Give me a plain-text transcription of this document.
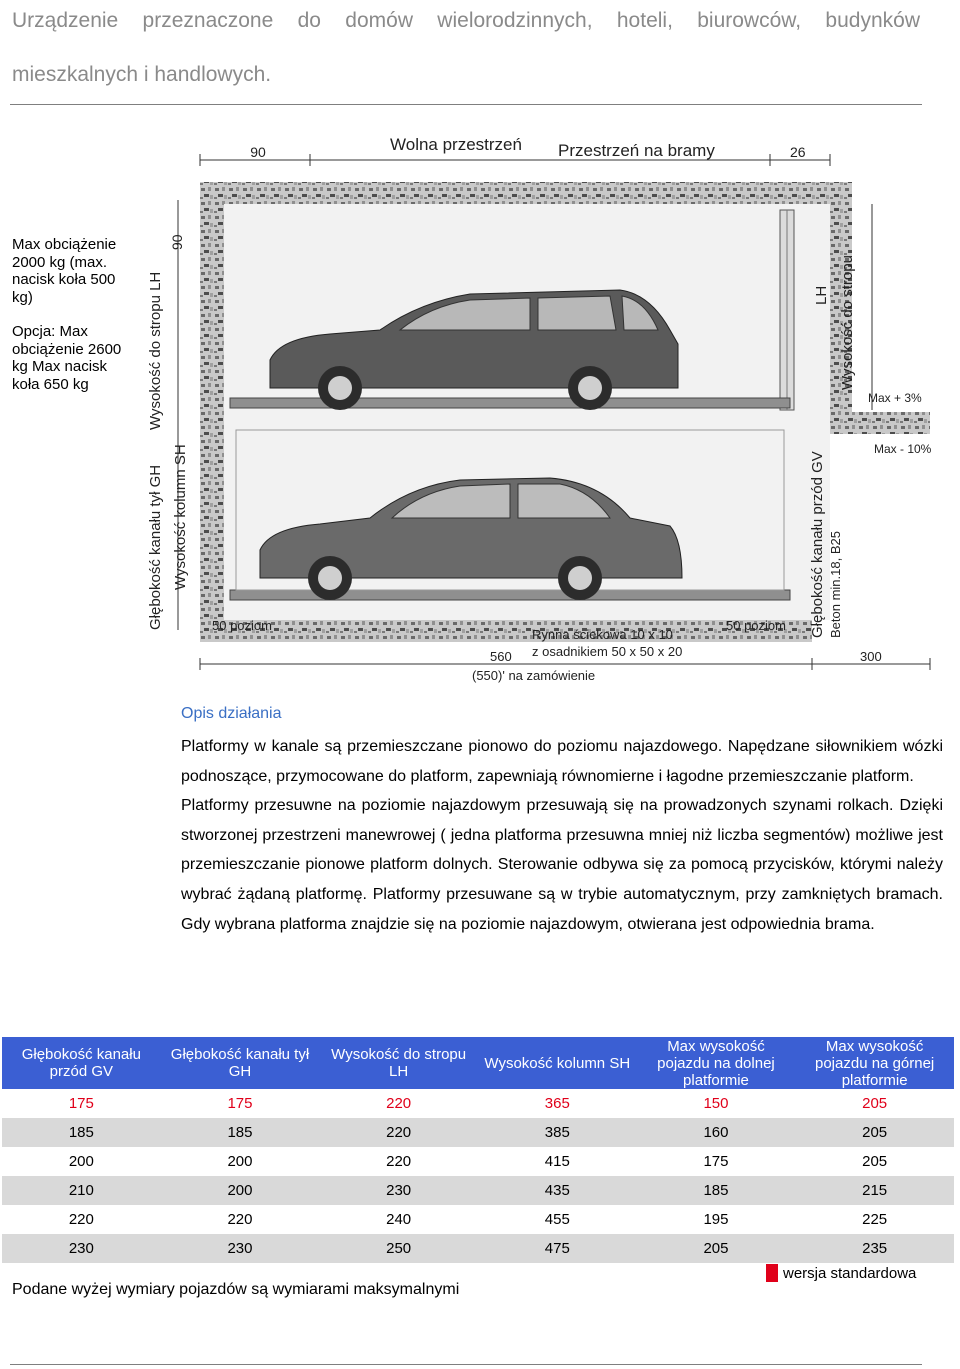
Urządzenie przeznaczone do domów wielorodzinnych, hoteli, biurowców, budynków mieszkalnych i handlowych.

Max obciążenie 2000 kg (max. nacisk koła 500 kg)

Opcja: Max obciążenie 2600 kg Max nacisk koła 650 kg

90	Wolna przestrzeń Przestrzeń na bramy	26
90
Wysokość do stropu LH
Wysokość kolumn SH
Głębokość kanału tył GH
LH Wysokość do stropu
Max + 3%
Max - 10%
Głębokość kanału przód GV Beton min.18, B25
50 poziom	50 poziom
Rynna ściekowa 10 x 10
z osadnikiem 50 x 50 x 20
560
(550)' na zamówienie
300
Opis działania

Platformy w kanale są przemieszczane pionowo do poziomu najazdowego. Napędzane siłownikiem wózki podnoszące, przymocowane do platform, zapewniają równomierne i łagodne przemieszczanie platform.

Platformy przesuwne na poziomie najazdowym przesuwają się na prowadzonych szynami rolkach. Dzięki stworzonej przestrzeni manewrowej ( jedna platforma przesuwna mniej niż liczba segmentów) możliwe jest przemieszczanie pionowe platform dolnych. Sterowanie odbywa się za pomocą przycisków, którymi należy wybrać żądaną platformę. Platformy przesuwane są w trybie automatycznym, przy zamkniętych bramach. Gdy wybrana platforma znajdzie się na poziomie najazdowym, otwierana jest odpowiednia brama.

Głębokość kanału przód GV	Głębokość kanału tył GH	Wysokość do stropu LH	Wysokość kolumn SH	Max wysokość pojazdu na dolnej platformie	Max wysokość pojazdu na górnej platformie
175	175	220	365	150	205
185	185	220	385	160	205
200	200	220	415	175	205
210	200	230	435	185	215
220	220	240	455	195	225
230	230	250	475	205	235
wersja standardowa
Podane wyżej wymiary pojazdów są wymiarami maksymalnymi
